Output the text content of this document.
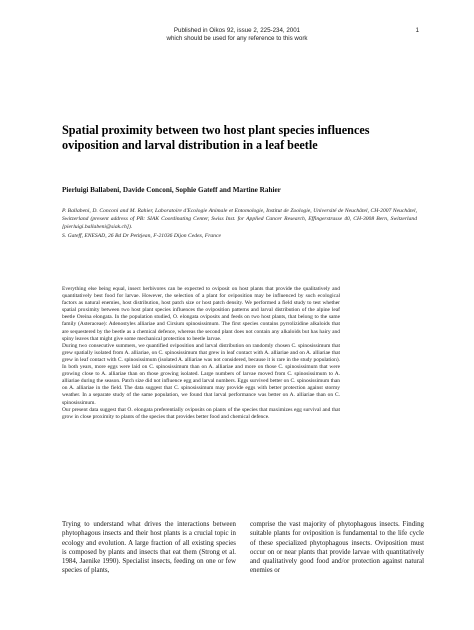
Published in Oikos 92, issue 2, 225-234, 2001
which should be used for any reference to this work
1
Spatial proximity between two host plant species influences oviposition and larval distribution in a leaf beetle
Pierluigi Ballabeni, Davide Conconi, Sophie Gateff and Martine Rahier

P. Ballabeni, D. Conconi and M. Rahier, Laboratoire d'Ecologie Animale et Entomologie, Institut de Zoologie, Université de Neuchâtel, CH-2007 Neuchâtel, Switzerland (present address of PB: SIAK Coordinating Center, Swiss Inst. for Applied Cancer Research, Effingerstrasse 40, CH-3008 Bern, Switzerland [pierluigi.ballabeni@siak.ch]).

S. Gateff, ENESAD, 26 Bd Dr Petitjean, F-21036 Dijon Cedex, France

Everything else being equal, insect herbivores can be expected to oviposit on host plants that provide the qualitatively and quantitatively best food for larvae. However, the selection of a plant for oviposition may be influenced by such ecological factors as natural enemies, host distribution, host patch size or host patch density. We performed a field study to test whether spatial proximity between two host plant species influences the oviposition patterns and larval distribution of the alpine leaf beetle Oreina elongata. In the population studied, O. elongata oviposits and feeds on two host plants, that belong to the same family (Asteraceae): Adenostyles alliariae and Cirsium spinosissimum. The first species contains pyrrolizidine alkaloids that are sequestered by the beetle as a chemical defence, whereas the second plant does not contain any alkaloids but has hairy and spiny leaves that might give some mechanical protection to beetle larvae.

During two consecutive summers, we quantified oviposition and larval distribution on randomly chosen C. spinosissimum that grew spatially isolated from A. alliariae, on C. spinosissimum that grew in leaf contact with A. alliariae and on A. alliariae that grew in leaf contact with C. spinosissimum (isolated A. alliariae was not considered, because it is rare in the study population). In both years, more eggs were laid on C. spinosissimum than on A. alliariae and more on those C. spinosissimum that were growing close to A. alliariae than on those growing isolated. Large numbers of larvae moved from C. spinosissimum to A. alliariae during the season. Patch size did not influence egg and larval numbers. Eggs survived better on C. spinosissimum than on A. alliariae in the field. The data suggest that C. spinosissimum may provide eggs with better protection against stormy weather. In a separate study of the same population, we found that larval performance was better on A. alliariae than on C. spinosissimum.

Our present data suggest that O. elongata preferentially oviposits on plants of the species that maximizes egg survival and that grow in close proximity to plants of the species that provides better food and chemical defence.

Trying to understand what drives the interactions between phytophagous insects and their host plants is a crucial topic in ecology and evolution. A large fraction of all existing species is composed by plants and insects that eat them (Strong et al. 1984, Jaenike 1990). Specialist insects, feeding on one or few species of plants,

comprise the vast majority of phytophagous insects. Finding suitable plants for oviposition is fundamental to the life cycle of these specialized phytophagous insects. Oviposition must occur on or near plants that provide larvae with quantitatively and qualitatively good food and/or protection against natural enemies or
